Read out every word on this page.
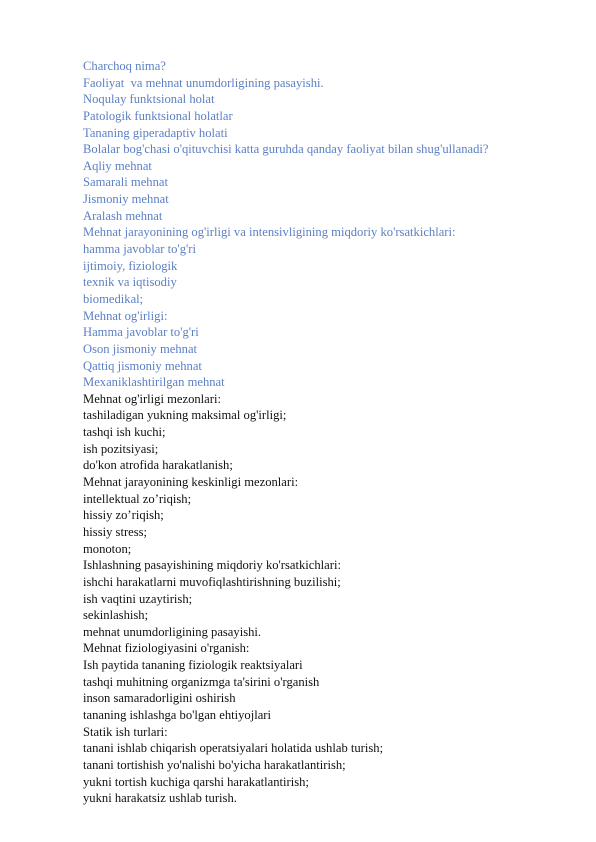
Charchoq nima?
Faoliyat  va mehnat unumdorligining pasayishi.
Noqulay funktsional holat
Patologik funktsional holatlar
Tananing giperadaptiv holati
Bolalar bog'chasi o'qituvchisi katta guruhda qanday faoliyat bilan shug'ullanadi?
Aqliy mehnat
Samarali mehnat
Jismoniy mehnat
Aralash mehnat
Mehnat jarayonining og'irligi va intensivligining miqdoriy ko'rsatkichlari:
hamma javoblar to'g'ri
ijtimoiy, fiziologik
texnik va iqtisodiy
biomedikal;
Mehnat og'irligi:
Hamma javoblar to'g'ri
Oson jismoniy mehnat
Qattiq jismoniy mehnat
Mexaniklashtirilgan mehnat
Mehnat og'irligi mezonlari:
tashiladigan yukning maksimal og'irligi;
tashqi ish kuchi;
ish pozitsiyasi;
do'kon atrofida harakatlanish;
Mehnat jarayonining keskinligi mezonlari:
intellektual zo’riqish;
hissiy zo’riqish;
hissiy stress;
monoton;
Ishlashning pasayishining miqdoriy ko'rsatkichlari:
ishchi harakatlarni muvofiqlashtirishning buzilishi;
ish vaqtini uzaytirish;
sekinlashish;
mehnat unumdorligining pasayishi.
Mehnat fiziologiyasini o'rganish:
Ish paytida tananing fiziologik reaktsiyalari
tashqi muhitning organizmga ta'sirini o'rganish
inson samaradorligini oshirish
tananing ishlashga bo'lgan ehtiyojlari
Statik ish turlari:
tanani ishlab chiqarish operatsiyalari holatida ushlab turish;
tanani tortishish yo'nalishi bo'yicha harakatlantirish;
yukni tortish kuchiga qarshi harakatlantirish;
yukni harakatsiz ushlab turish.
